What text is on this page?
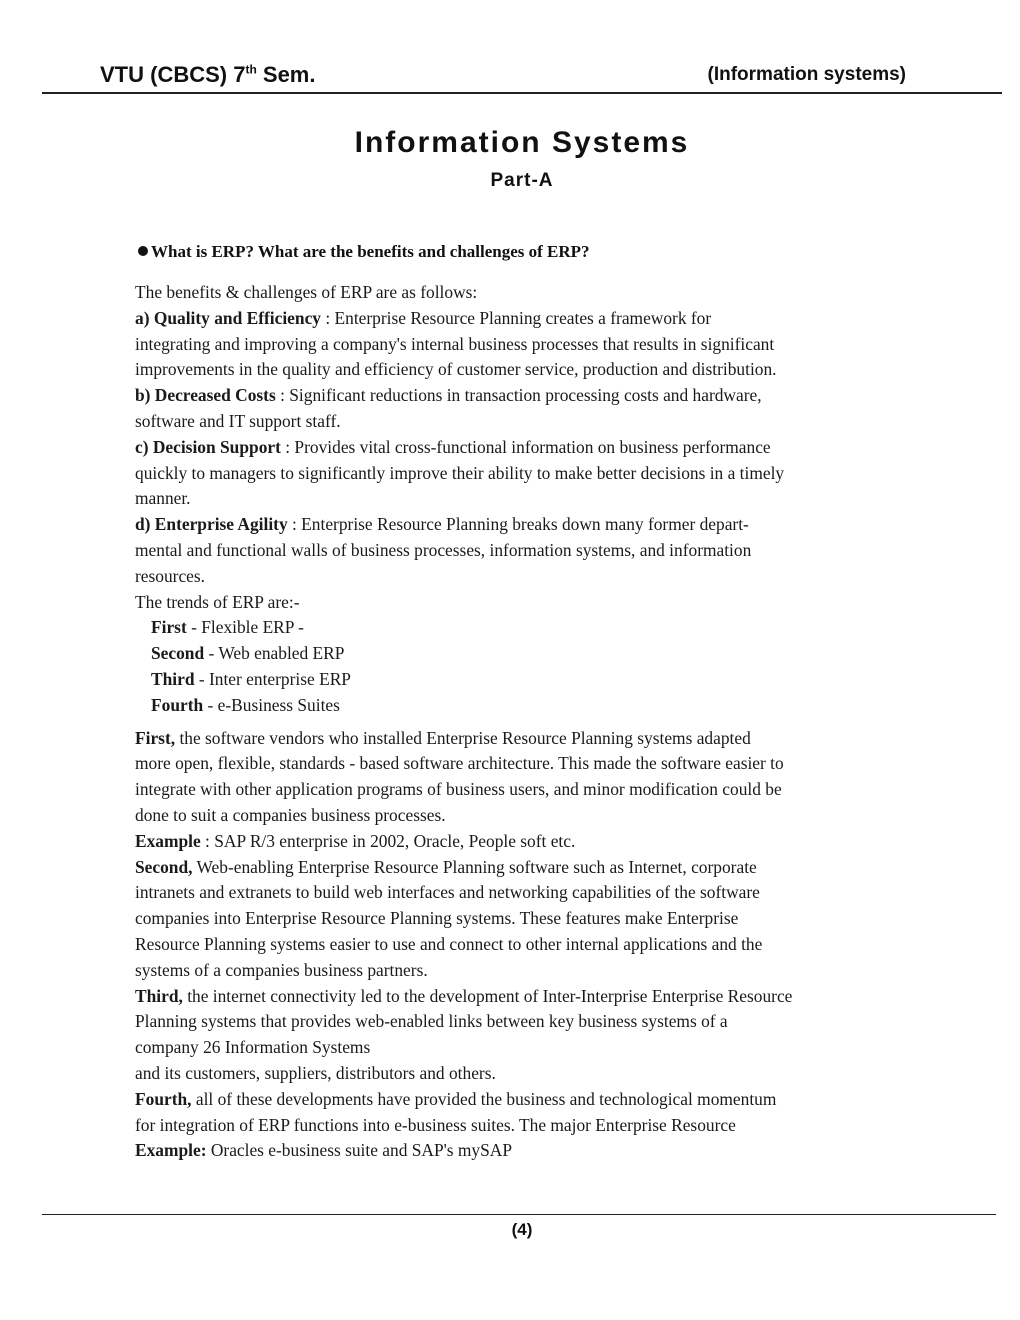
VTU (CBCS) 7th Sem.	(Information systems)
Information Systems
Part-A
What is ERP? What are the benefits and challenges of ERP?

The benefits & challenges of ERP are as follows:

a) Quality and Efficiency : Enterprise Resource Planning creates a framework for

integrating and improving a company's internal business processes that results in significant

improvements in the quality and efficiency of customer service, production and distribution.

b) Decreased Costs : Significant reductions in transaction processing costs and hardware,

software and IT support staff.

c) Decision Support : Provides vital cross-functional information on business performance

quickly to managers to significantly improve their ability to make better decisions in a timely

manner.

d) Enterprise Agility : Enterprise Resource Planning breaks down many former depart-

mental and functional walls of business processes, information systems, and information

resources.

The trends of ERP are:-

First - Flexible ERP -

Second - Web enabled ERP

Third - Inter enterprise ERP

Fourth - e-Business Suites

First, the software vendors who installed Enterprise Resource Planning systems adapted

more open, flexible, standards - based software architecture. This made the software easier to

integrate with other application programs of business users, and minor modification could be

done to suit a companies business processes.

Example : SAP R/3 enterprise in 2002, Oracle, People soft etc.

Second, Web-enabling Enterprise Resource Planning software such as Internet, corporate

intranets and extranets to build web interfaces and networking capabilities of the software

companies into Enterprise Resource Planning systems. These features make Enterprise

Resource Planning systems easier to use and connect to other internal applications and the

systems of a companies business partners.

Third, the internet connectivity led to the development of Inter-Interprise Enterprise Resource

Planning systems that provides web-enabled links between key business systems of a

company 26 Information Systems

and its customers, suppliers, distributors and others.

Fourth, all of these developments have provided the business and technological momentum

for integration of ERP functions into e-business suites. The major Enterprise Resource

Example: Oracles e-business suite and SAP's mySAP

(4)
